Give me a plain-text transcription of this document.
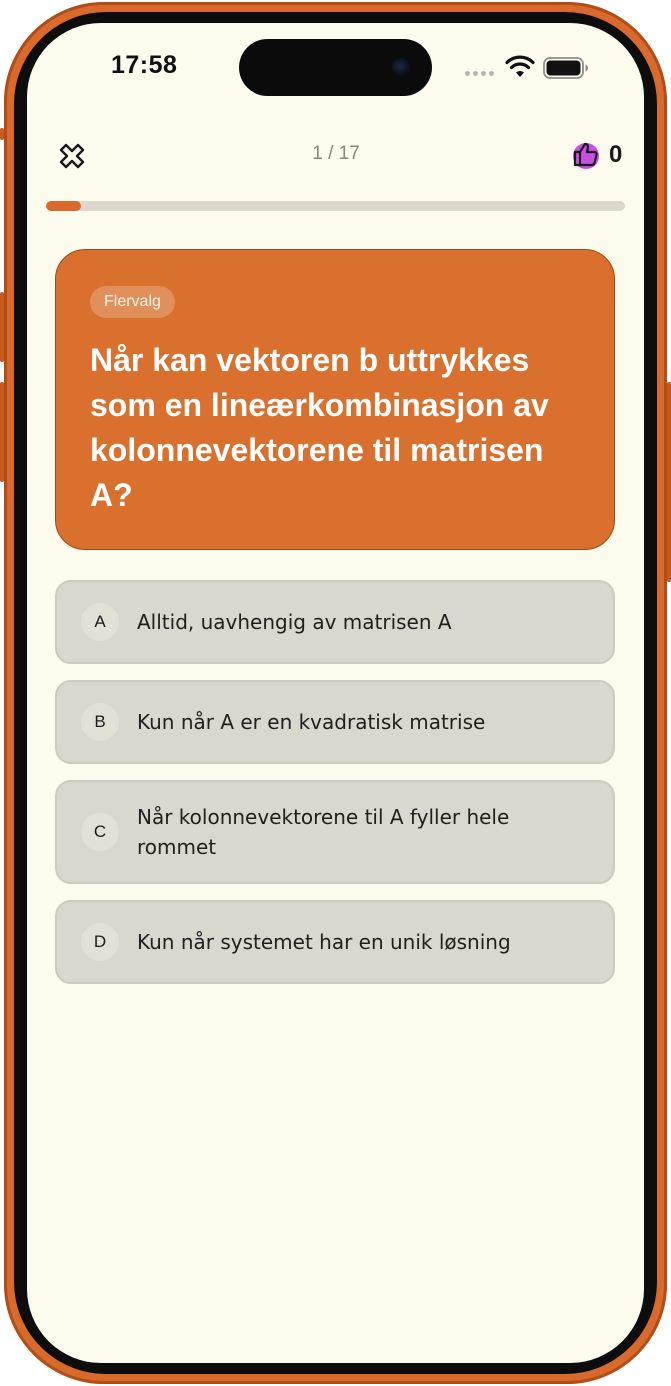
17:58
1 / 17	0
Flervalg

Når kan vektoren b uttrykkes som en lineærkombinasjon av kolonnevektorene til matrisen A?

A	Alltid, uavhengig av matrisen A
B	Kun når A er en kvadratisk matrise
C
Når kolonnevektorene til A fyller hele rommet
D	Kun når systemet har en unik løsning
